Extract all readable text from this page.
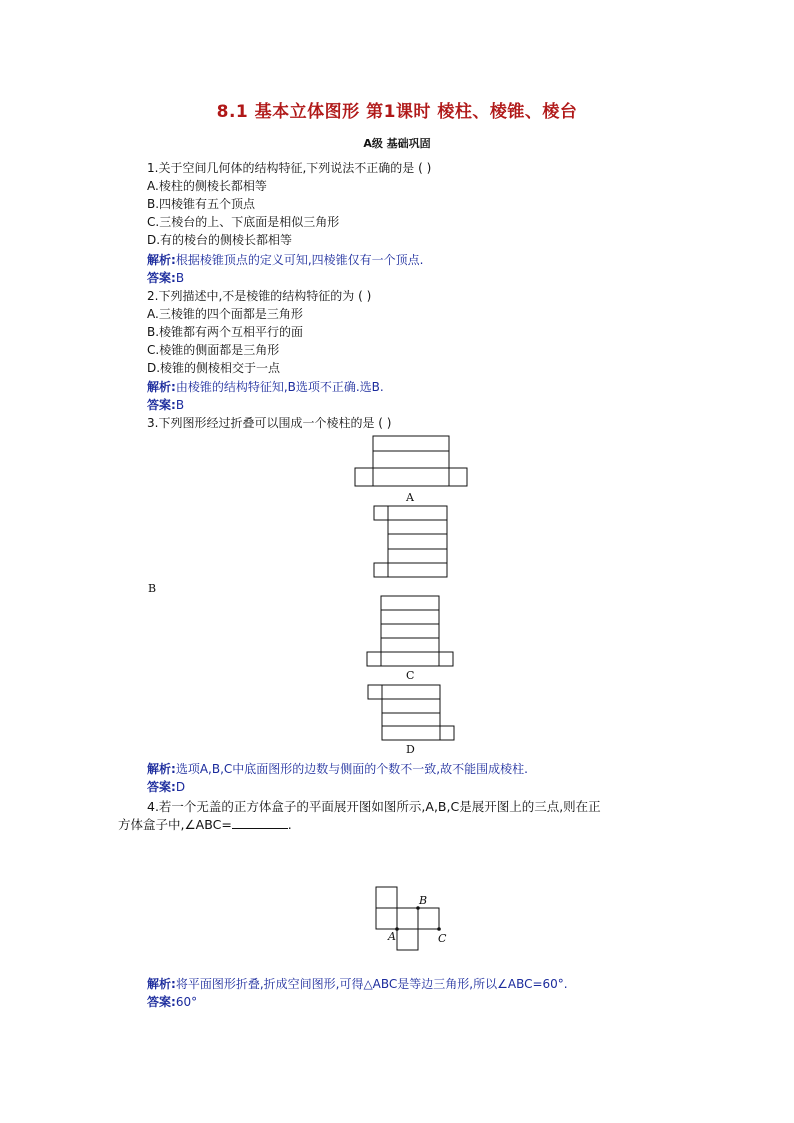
8.1 基本立体图形 第1课时 棱柱、棱锥、棱台
A级 基础巩固
1.关于空间几何体的结构特征,下列说法不正确的是 ( )
A.棱柱的侧棱长都相等
B.四棱锥有五个顶点
C.三棱台的上、下底面是相似三角形
D.有的棱台的侧棱长都相等
解析:根据棱锥顶点的定义可知,四棱锥仅有一个顶点.
答案:B
2.下列描述中,不是棱锥的结构特征的为 ( )
A.三棱锥的四个面都是三角形
B.棱锥都有两个互相平行的面
C.棱锥的侧面都是三角形
D.棱锥的侧棱相交于一点
解析:由棱锥的结构特征知,B选项不正确.选B.
答案:B
3.下列图形经过折叠可以围成一个棱柱的是 ( )
A
B
C
D
解析:选项A,B,C中底面图形的边数与侧面的个数不一致,故不能围成棱柱.
答案:D
4.若一个无盖的正方体盒子的平面展开图如图所示,A,B,C是展开图上的三点,则在正
方体盒子中,∠ABC=	.
A
B
C
解析:将平面图形折叠,折成空间图形,可得△ABC是等边三角形,所以∠ABC=60°.
答案:60°
